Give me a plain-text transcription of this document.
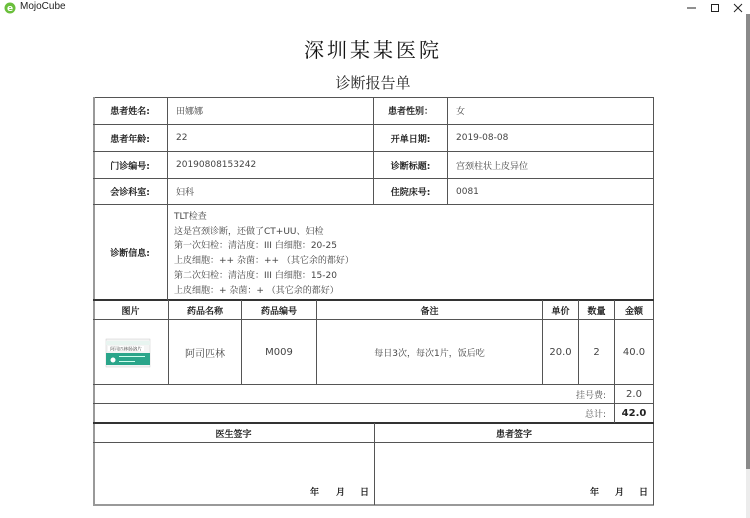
e MojoCube
深圳某某医院
诊断报告单
患者姓名:	田娜娜	患者性别：	女
患者年龄:	22	开单日期:	2019-08-08
门诊编号:	20190808153242	诊断标题:	宫颈柱状上皮异位
会诊科室:	妇科	住院床号:	0081
诊断信息:
TLT检查
这是宫颈诊断，还做了CT+UU、妇检
第一次妇检：清洁度：III 白细胞：20-25
上皮细胞：++ 杂菌：++ （其它余的都好）
第二次妇检：清洁度：III 白细胞：15-20
上皮细胞：+ 杂菌：+ （其它余的都好）
图片	药品名称	药品编号	备注	单价	数量	金额
阿司匹林肠溶片	阿司匹林	M009	每日3次，每次1片，饭后吃	20.0	2	40.0
挂号费:	2.0
总计:	42.0
医生签字	患者签字
年 月 日	年 月 日
